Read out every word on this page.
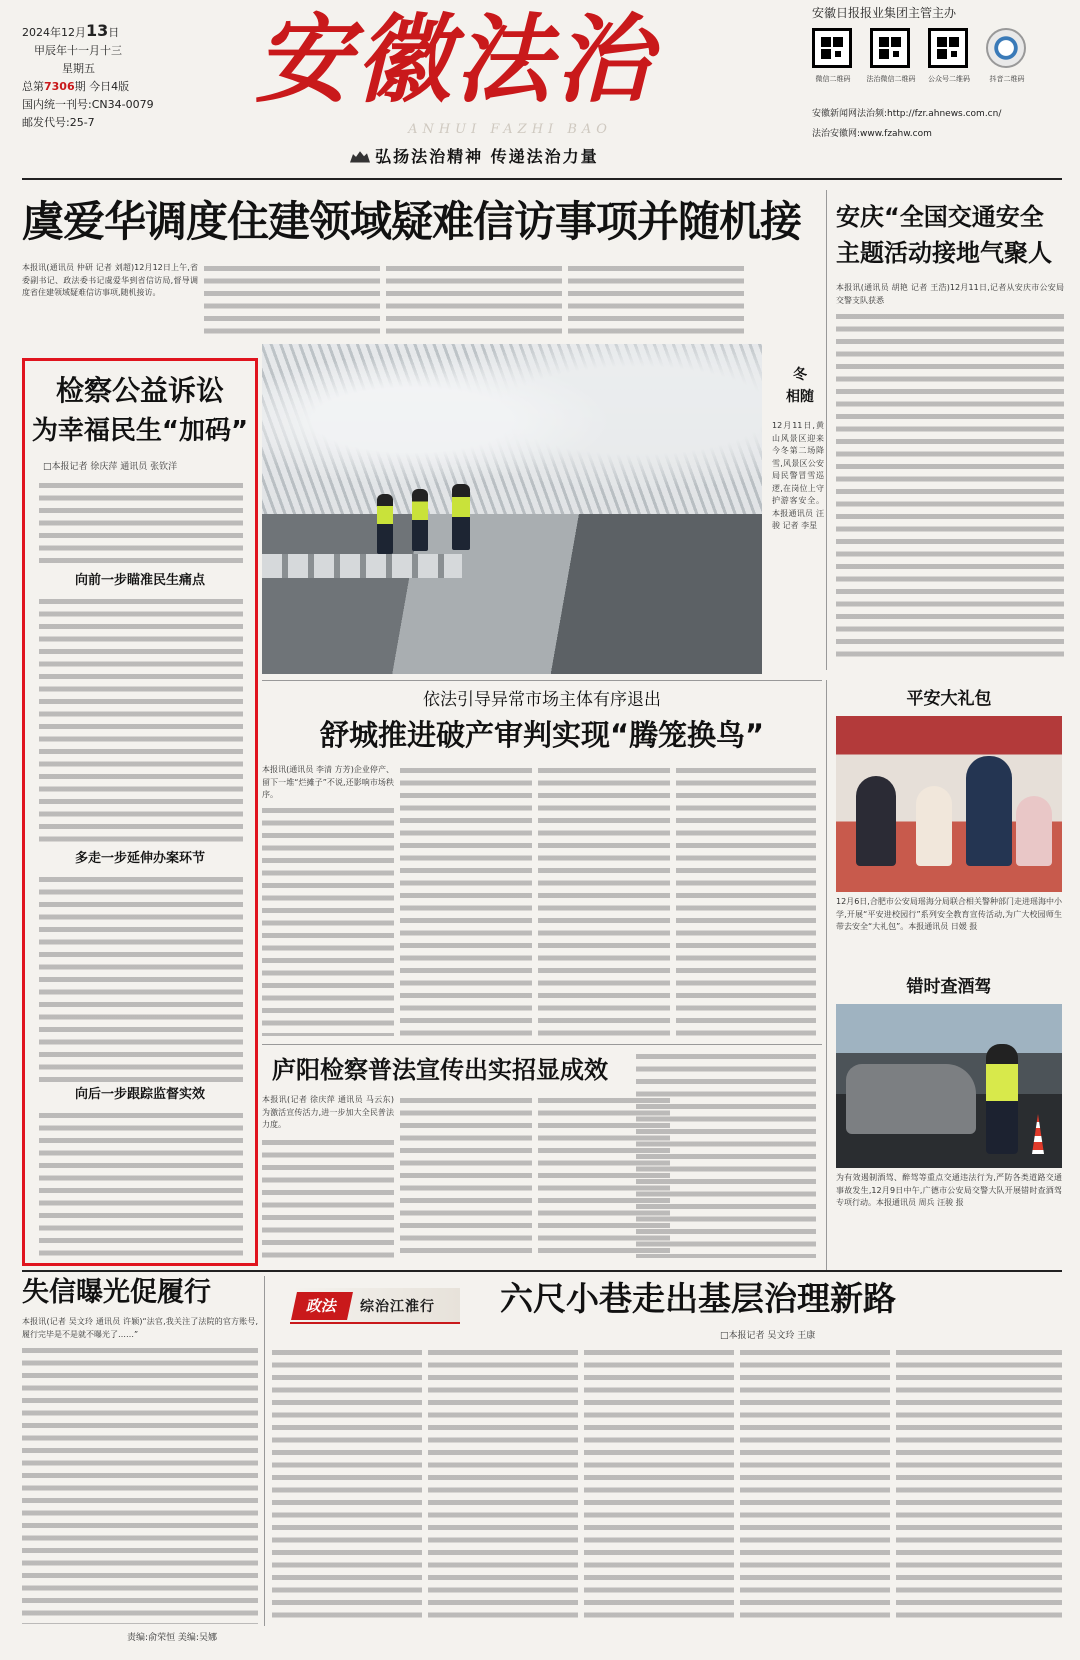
2024年12月13日
甲辰年十一月十三
星期五
总第7306期 今日4版
国内统一刊号:CN34-0079
邮发代号:25-7
安徽法治
ANHUI FAZHI BAO
弘扬法治精神 传递法治力量
安徽日报报业集团主管主办
微信二维码	法治微信二维码	公众号二维码	抖音二维码
安徽新闻网法治频:http://fzr.ahnews.com.cn/
法治安徽网:www.fzahw.com
虞爱华调度住建领域疑难信访事项并随机接
本报讯(通讯员 仲研 记者 刘超)12月12日上午,省委副书记、政法委书记虞爱华到省信访局,督导调度省住建领域疑难信访事项,随机接访。
安庆“全国交通安全
主题活动接地气聚人
本报讯(通讯员 胡艳 记者 王浩)12月11日,记者从安庆市公安局交警支队获悉
检察公益诉讼
为幸福民生“加码”
□本报记者 徐庆萍 通讯员 张钦洋
向前一步瞄准民生痛点
多走一步延伸办案环节
向后一步跟踪监督实效
冬
相随
12月11日,黄山风景区迎来今冬第二场降雪,风景区公安局民警冒雪巡逻,在岗位上守护游客安全。本报通讯员 汪骏 记者 李星
依法引导异常市场主体有序退出
舒城推进破产审判实现“腾笼换鸟”
本报讯(通讯员 李清 方芳)企业停产、留下一堆“烂摊子”不说,还影响市场秩序。
庐阳检察普法宣传出实招显成效
本报讯(记者 徐庆萍 通讯员 马云东)为激活宣传活力,进一步加大全民普法力度。
平安大礼包
12月6日,合肥市公安局瑶海分局联合相关警种部门走进瑶海中小学,开展“平安进校园行”系列安全教育宣传活动,为广大校园师生带去安全“大礼包”。本报通讯员 日媛 报
错时查酒驾
为有效遏制酒驾、醉驾等重点交通违法行为,严防各类道路交通事故发生,12月9日中午,广德市公安局交警大队开展错时查酒驾专项行动。本报通讯员 周兵 汪骏 报
失信曝光促履行
本报讯(记者 吴文玲 通讯员 许颖)“法官,我关注了法院的官方账号,履行完毕是不是就不曝光了……”
政法	综治江淮行	六尺小巷走出基层治理新路
□本报记者 吴文玲 王康
责编:俞荣恒 美编:吴娜
